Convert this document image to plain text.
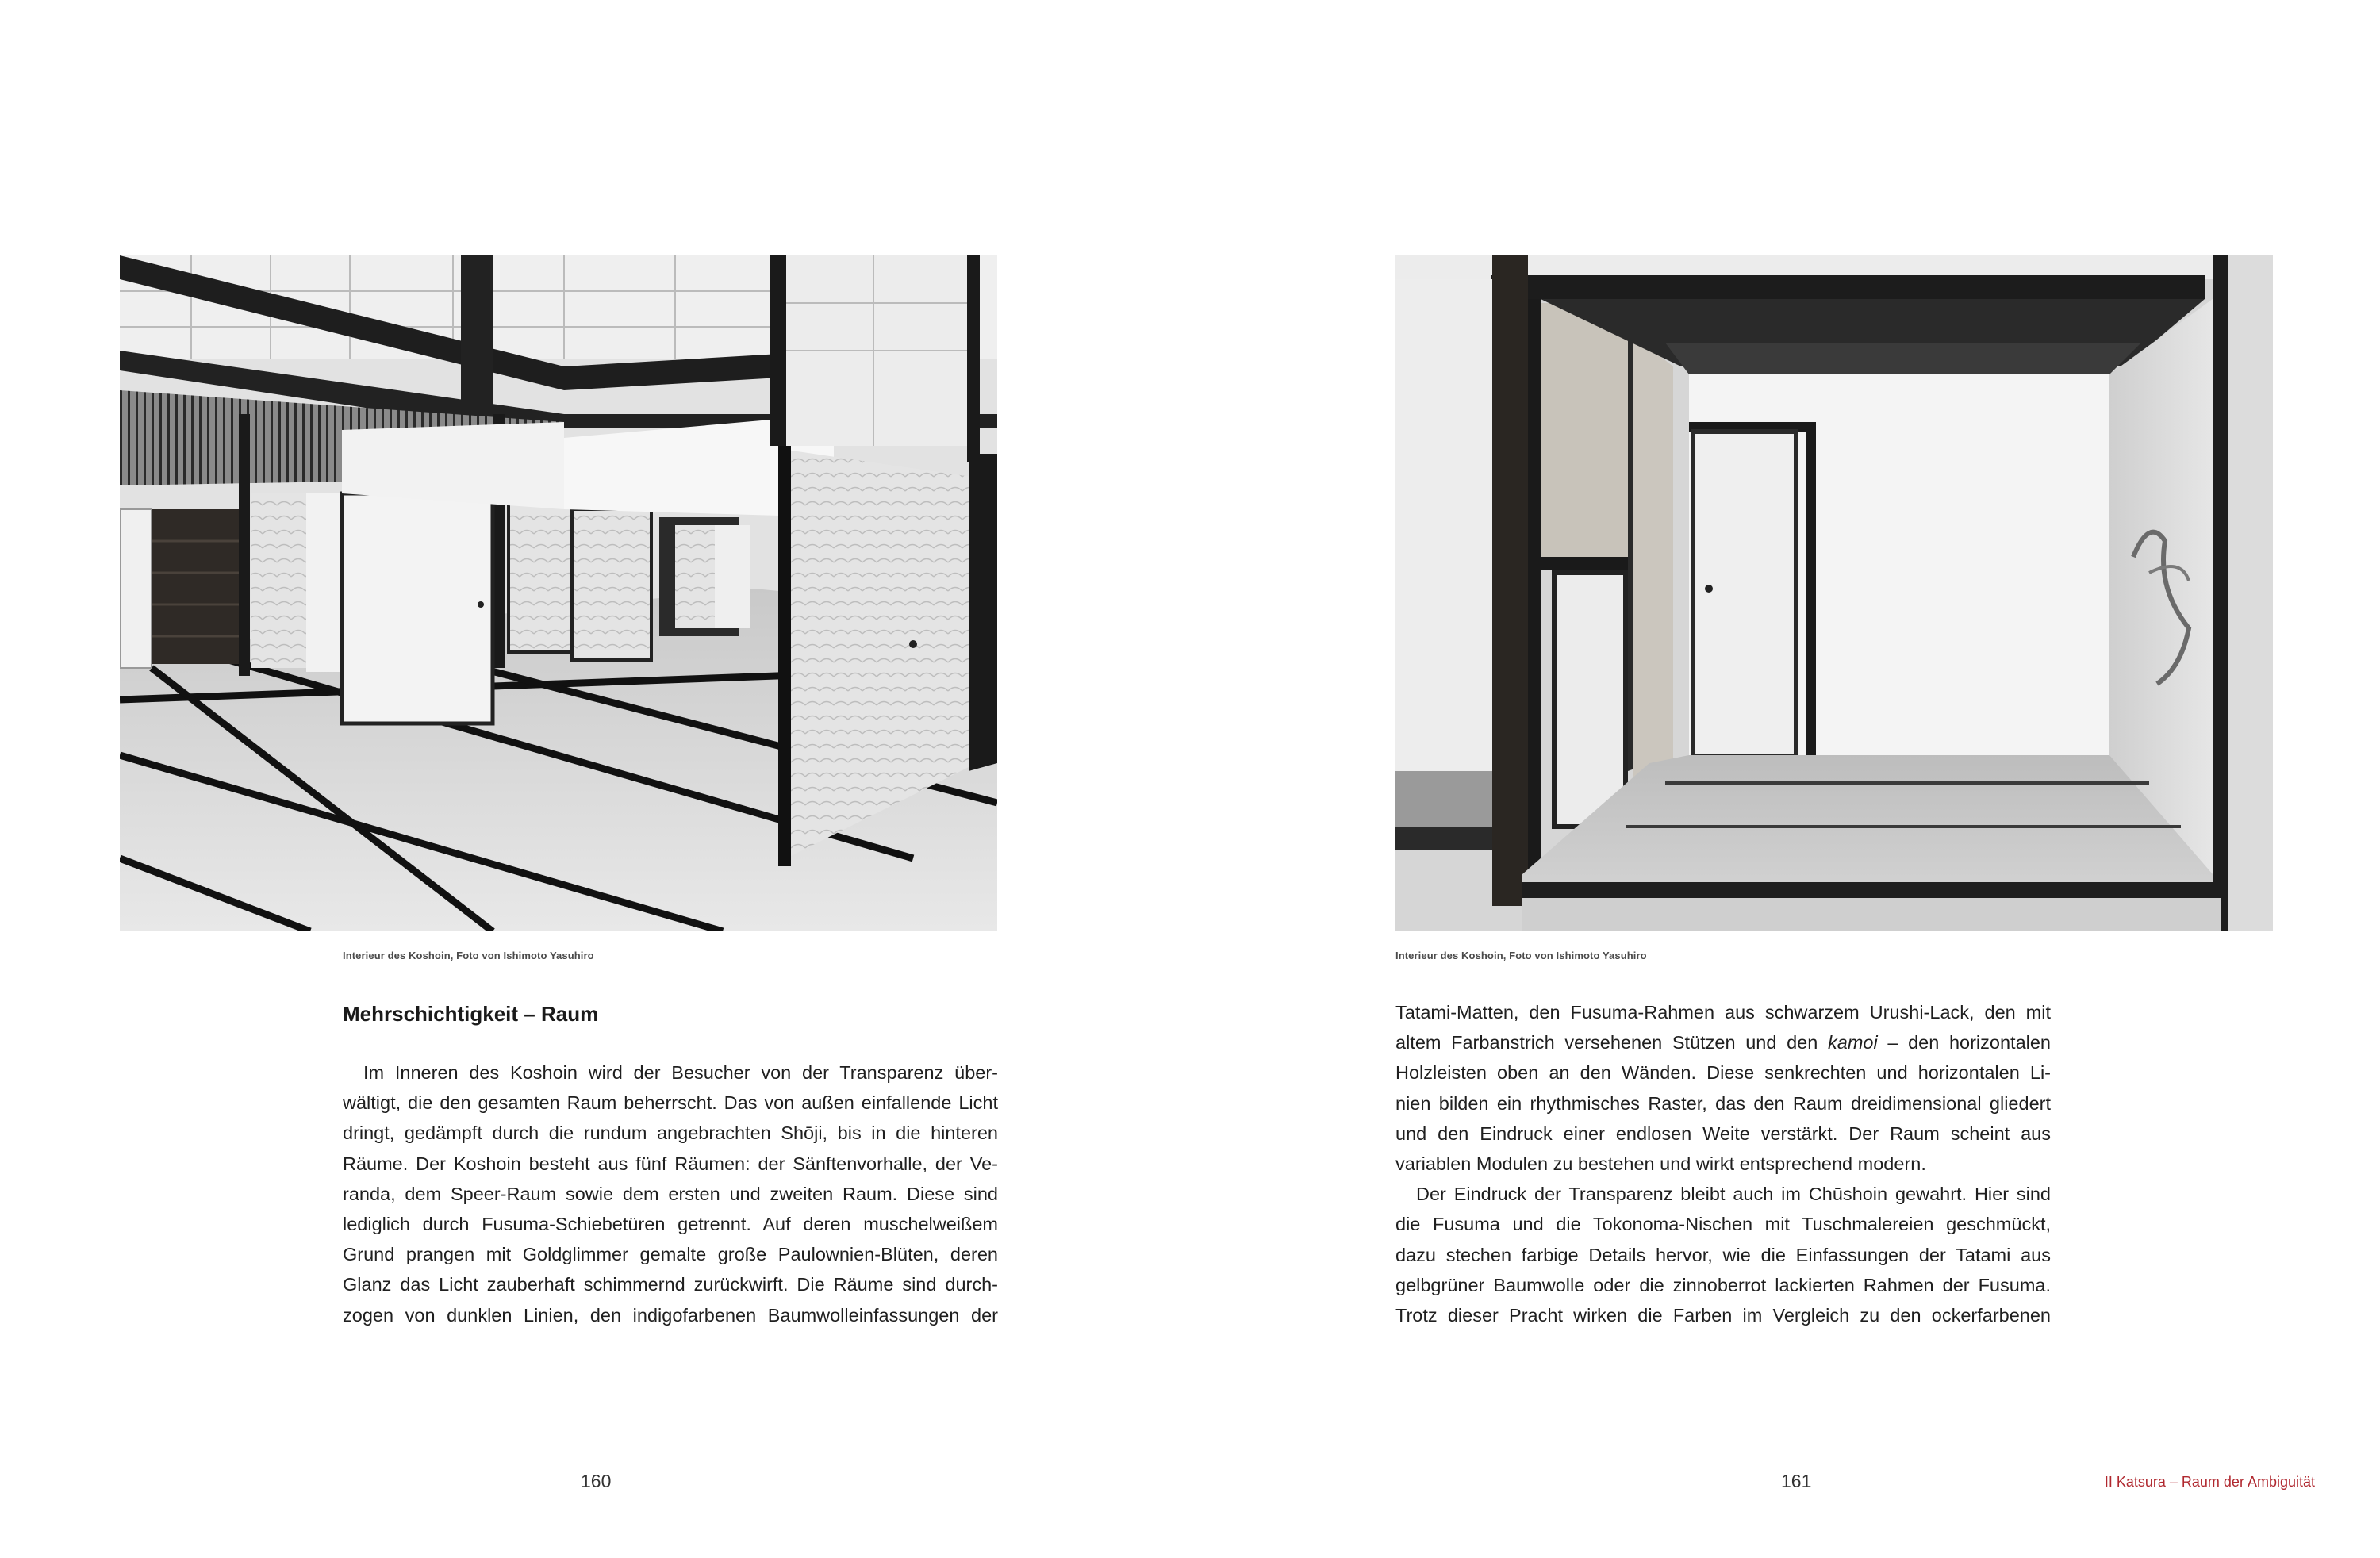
Interieur des Koshoin, Foto von Ishimoto Yasuhiro	Interieur des Koshoin, Foto von Ishimoto Yasuhiro
Mehrschichtigkeit – Raum
Im Inneren des Koshoin wird der Besucher von der Transparenz über-
wältigt, die den gesamten Raum beherrscht. Das von außen einfallende Licht
dringt, gedämpft durch die rundum angebrachten Shōji, bis in die hinteren
Räume. Der Koshoin besteht aus fünf Räumen: der Sänftenvorhalle, der Ve-
randa, dem Speer-Raum sowie dem ersten und zweiten Raum. Diese sind
lediglich durch Fusuma-Schiebetüren getrennt. Auf deren muschelweißem
Grund prangen mit Goldglimmer gemalte große Paulownien-Blüten, deren
Glanz das Licht zauberhaft schimmernd zurückwirft. Die Räume sind durch-
zogen von dunklen Linien, den indigofarbenen Baumwolleinfassungen der
Tatami-Matten, den Fusuma-Rahmen aus schwarzem Urushi-Lack, den mit
altem Farbanstrich versehenen Stützen und den kamoi – den horizontalen
Holzleisten oben an den Wänden. Diese senkrechten und horizontalen Li-
nien bilden ein rhythmisches Raster, das den Raum dreidimensional gliedert
und den Eindruck einer endlosen Weite verstärkt. Der Raum scheint aus
variablen Modulen zu bestehen und wirkt entsprechend modern.
Der Eindruck der Transparenz bleibt auch im Chūshoin gewahrt. Hier sind
die Fusuma und die Tokonoma-Nischen mit Tuschmalereien geschmückt,
dazu stechen farbige Details hervor, wie die Einfassungen der Tatami aus
gelbgrüner Baumwolle oder die zinnoberrot lackierten Rahmen der Fusuma.
Trotz dieser Pracht wirken die Farben im Vergleich zu den ockerfarbenen
160	161	II Katsura – Raum der Ambiguität
